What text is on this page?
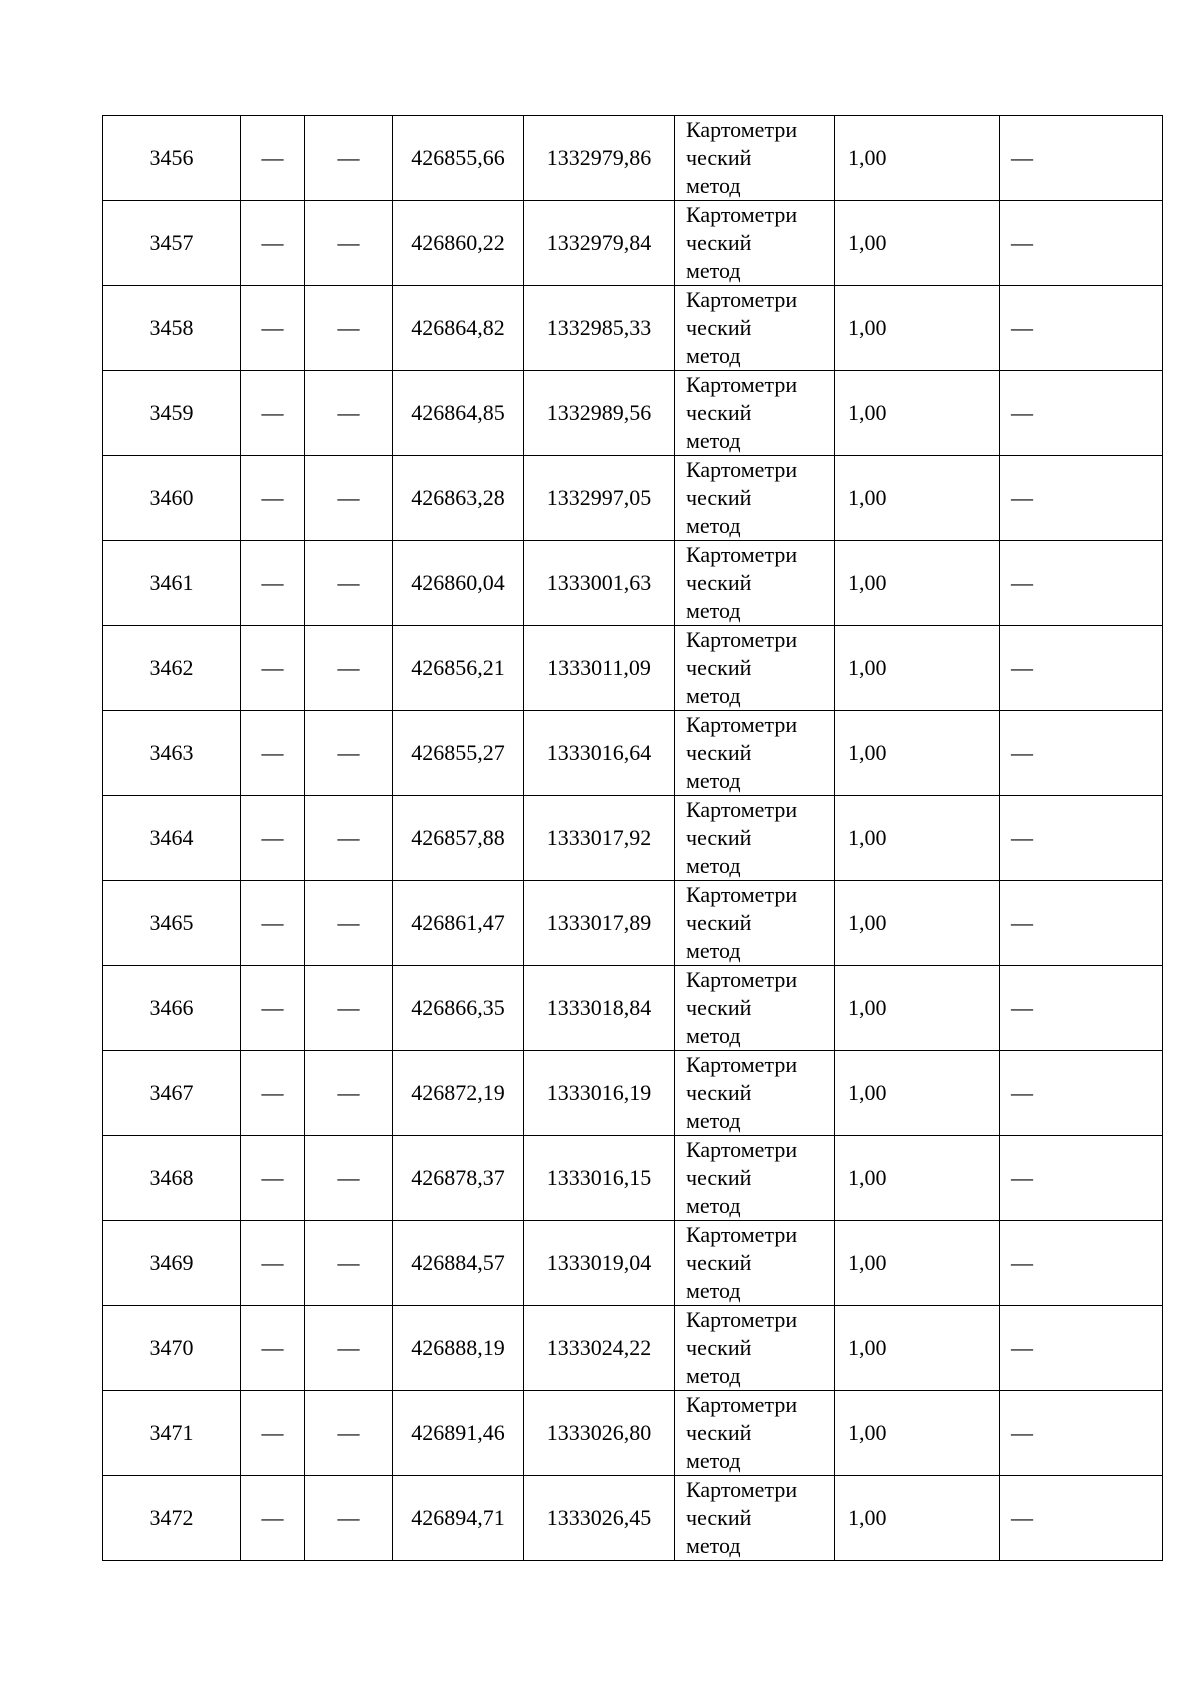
3456	—	—	426855,66	1332979,86	Картометри
ческий
метод	1,00	—
3457	—	—	426860,22	1332979,84	Картометри
ческий
метод	1,00	—
3458	—	—	426864,82	1332985,33	Картометри
ческий
метод	1,00	—
3459	—	—	426864,85	1332989,56	Картометри
ческий
метод	1,00	—
3460	—	—	426863,28	1332997,05	Картометри
ческий
метод	1,00	—
3461	—	—	426860,04	1333001,63	Картометри
ческий
метод	1,00	—
3462	—	—	426856,21	1333011,09	Картометри
ческий
метод	1,00	—
3463	—	—	426855,27	1333016,64	Картометри
ческий
метод	1,00	—
3464	—	—	426857,88	1333017,92	Картометри
ческий
метод	1,00	—
3465	—	—	426861,47	1333017,89	Картометри
ческий
метод	1,00	—
3466	—	—	426866,35	1333018,84	Картометри
ческий
метод	1,00	—
3467	—	—	426872,19	1333016,19	Картометри
ческий
метод	1,00	—
3468	—	—	426878,37	1333016,15	Картометри
ческий
метод	1,00	—
3469	—	—	426884,57	1333019,04	Картометри
ческий
метод	1,00	—
3470	—	—	426888,19	1333024,22	Картометри
ческий
метод	1,00	—
3471	—	—	426891,46	1333026,80	Картометри
ческий
метод	1,00	—
3472	—	—	426894,71	1333026,45	Картометри
ческий
метод	1,00	—
